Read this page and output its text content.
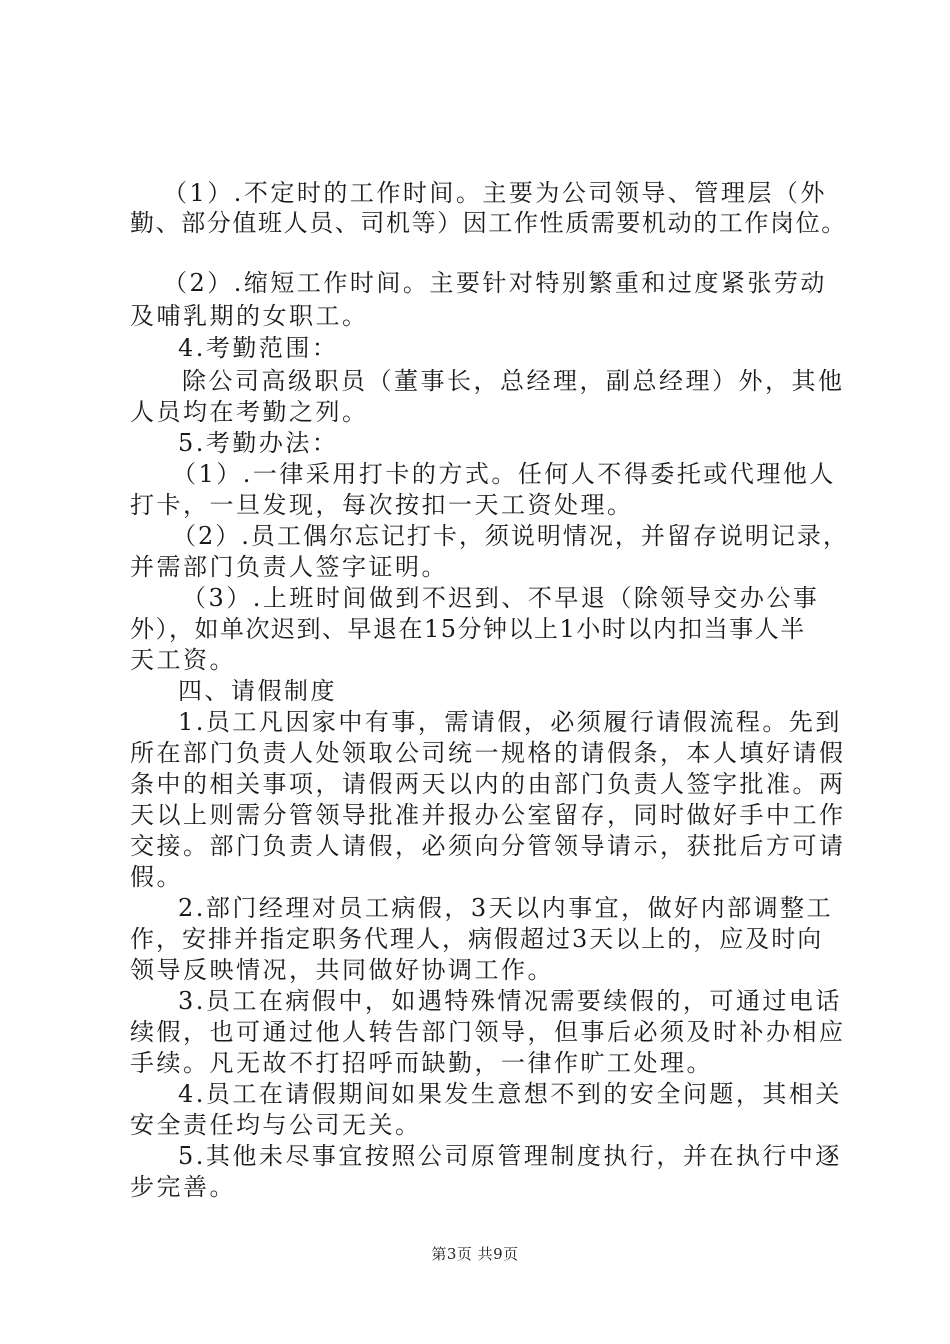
（1）.不定时的工作时间。主要为公司领导、管理层（外
勤、部分值班人员、司机等）因工作性质需要机动的工作岗位。
（2）.缩短工作时间。主要针对特别繁重和过度紧张劳动
及哺乳期的女职工。
4.考勤范围：
除公司高级职员（董事长，总经理，副总经理）外，其他
人员均在考勤之列。
5.考勤办法：
（1）.一律采用打卡的方式。任何人不得委托或代理他人
打卡，一旦发现，每次按扣一天工资处理。
（2）.员工偶尔忘记打卡，须说明情况，并留存说明记录，
并需部门负责人签字证明。
（3）.上班时间做到不迟到、不早退（除领导交办公事
外），如单次迟到、早退在15分钟以上1小时以内扣当事人半
天工资。
四、请假制度
1.员工凡因家中有事，需请假，必须履行请假流程。先到
所在部门负责人处领取公司统一规格的请假条，本人填好请假
条中的相关事项，请假两天以内的由部门负责人签字批准。两
天以上则需分管领导批准并报办公室留存，同时做好手中工作
交接。部门负责人请假，必须向分管领导请示，获批后方可请
假。
2.部门经理对员工病假，3天以内事宜，做好内部调整工
作，安排并指定职务代理人，病假超过3天以上的，应及时向
领导反映情况，共同做好协调工作。
3.员工在病假中，如遇特殊情况需要续假的，可通过电话
续假，也可通过他人转告部门领导，但事后必须及时补办相应
手续。凡无故不打招呼而缺勤，一律作旷工处理。
4.员工在请假期间如果发生意想不到的安全问题，其相关
安全责任均与公司无关。
5.其他未尽事宜按照公司原管理制度执行，并在执行中逐
步完善。
第3页 共9页
